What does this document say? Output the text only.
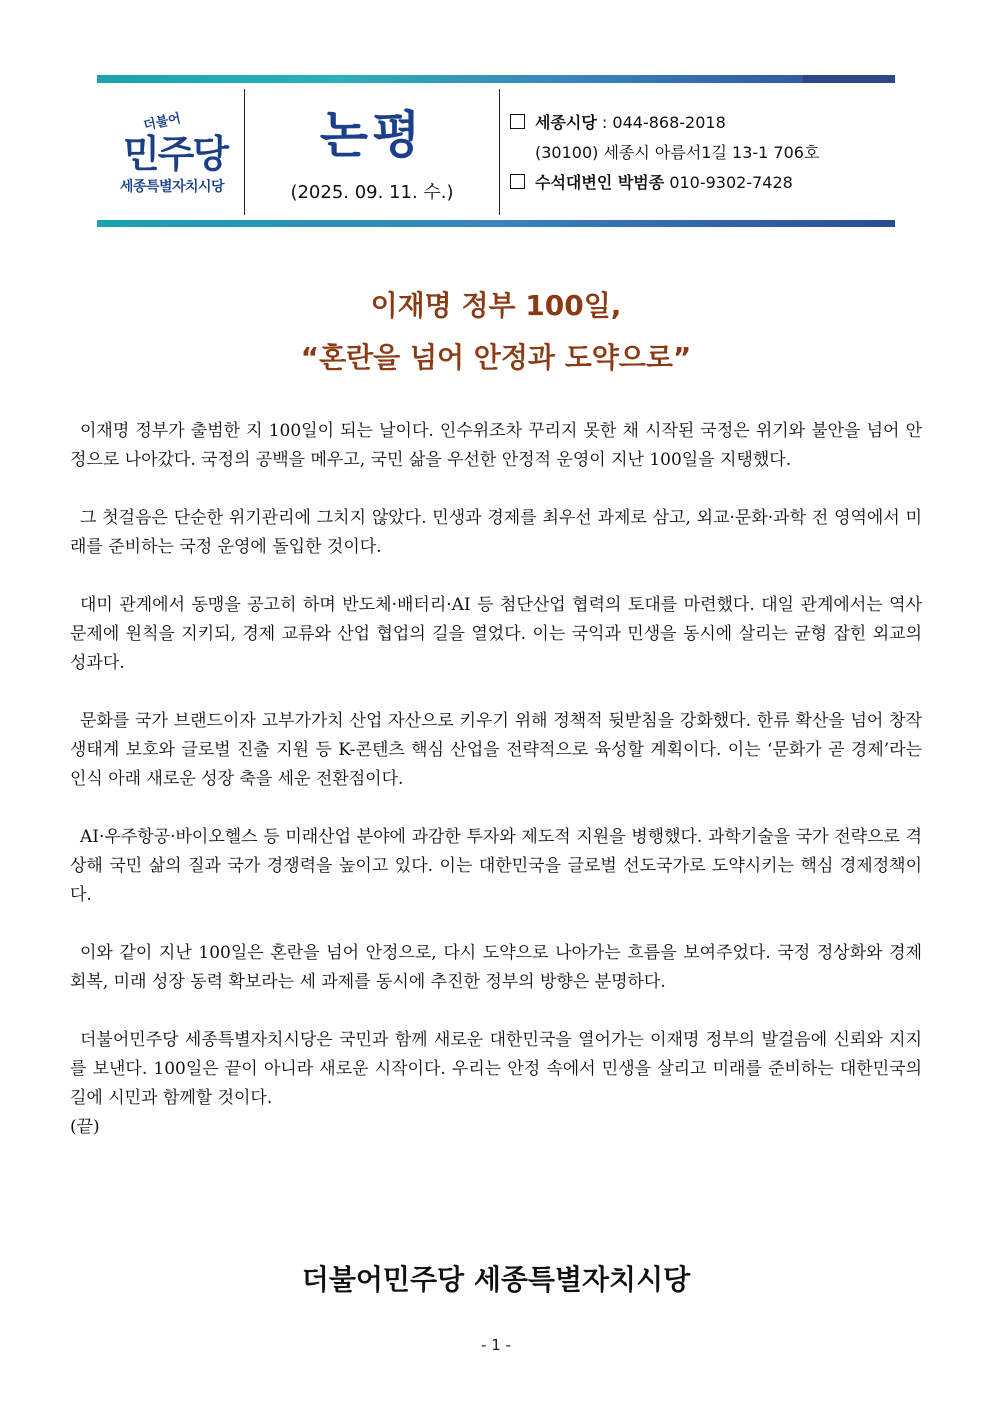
더불어
민주당
세종특별자치시당
논평
(2025. 09. 11. 수.)
세종시당 : 044-868-2018
(30100) 세종시 아름서1길 13-1 706호
수석대변인 박범종 010-9302-7428
이재명 정부 100일,
“혼란을 넘어 안정과 도약으로”

이재명 정부가 출범한 지 100일이 되는 날이다. 인수위조차 꾸리지 못한 채 시작된 국정은 위기와 불안을 넘어 안정으로 나아갔다. 국정의 공백을 메우고, 국민 삶을 우선한 안정적 운영이 지난 100일을 지탱했다.

그 첫걸음은 단순한 위기관리에 그치지 않았다. 민생과 경제를 최우선 과제로 삼고, 외교·문화·과학 전 영역에서 미래를 준비하는 국정 운영에 돌입한 것이다.

대미 관계에서 동맹을 공고히 하며 반도체·배터리·AI 등 첨단산업 협력의 토대를 마련했다. 대일 관계에서는 역사 문제에 원칙을 지키되, 경제 교류와 산업 협업의 길을 열었다. 이는 국익과 민생을 동시에 살리는 균형 잡힌 외교의 성과다.

문화를 국가 브랜드이자 고부가가치 산업 자산으로 키우기 위해 정책적 뒷받침을 강화했다. 한류 확산을 넘어 창작 생태계 보호와 글로벌 진출 지원 등 K-콘텐츠 핵심 산업을 전략적으로 육성할 계획이다. 이는 ‘문화가 곧 경제’라는 인식 아래 새로운 성장 축을 세운 전환점이다.

AI·우주항공·바이오헬스 등 미래산업 분야에 과감한 투자와 제도적 지원을 병행했다. 과학기술을 국가 전략으로 격상해 국민 삶의 질과 국가 경쟁력을 높이고 있다. 이는 대한민국을 글로벌 선도국가로 도약시키는 핵심 경제정책이다.

이와 같이 지난 100일은 혼란을 넘어 안정으로, 다시 도약으로 나아가는 흐름을 보여주었다. 국정 정상화와 경제 회복, 미래 성장 동력 확보라는 세 과제를 동시에 추진한 정부의 방향은 분명하다.

더불어민주당 세종특별자치시당은 국민과 함께 새로운 대한민국을 열어가는 이재명 정부의 발걸음에 신뢰와 지지를 보낸다. 100일은 끝이 아니라 새로운 시작이다. 우리는 안정 속에서 민생을 살리고 미래를 준비하는 대한민국의 길에 시민과 함께할 것이다.

(끝)
더불어민주당 세종특별자치시당
- 1 -
